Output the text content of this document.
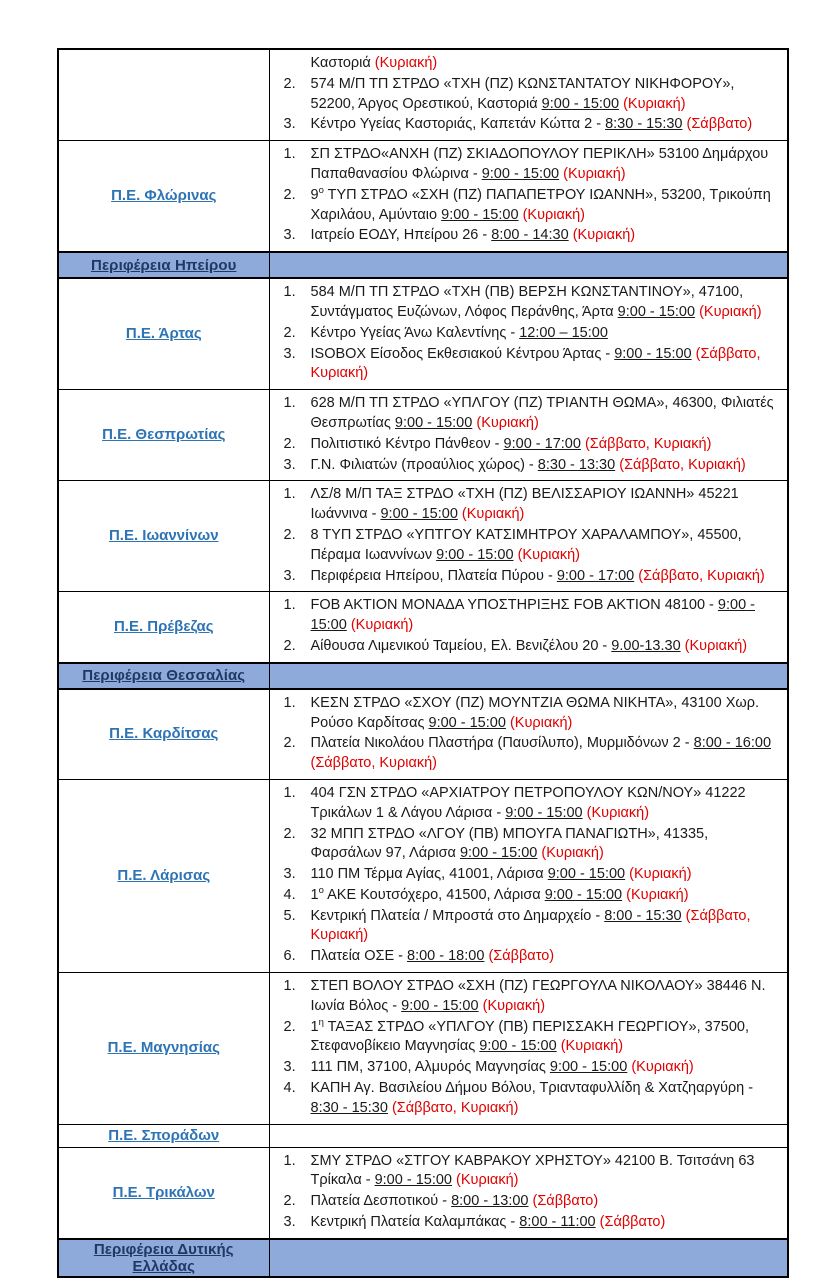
	Καστοριά (Κυριακή)
2. 574 Μ/Π ΤΠ ΣΤΡΔΟ «ΤΧΗ (ΠΖ) ΚΩΝΣΤΑΝΤΑΤΟΥ ΝΙΚΗΦΟΡΟΥ», 52200, Άργος Ορεστικού, Καστοριά 9:00 - 15:00 (Κυριακή)
3. Κέντρο Υγείας Καστοριάς, Καπετάν Κώττα 2 - 8:30 - 15:30 (Σάββατο)

Π.Ε. Φλώρινας	
1.	ΣΠ ΣΤΡΔΟ«ΑΝΧΗ (ΠΖ) ΣΚΙΑΔΟΠΟΥΛΟΥ ΠΕΡΙΚΛΗ» 53100 Δημάρχου Παπαθανασίου Φλώρινα - 9:00 - 15:00 (Κυριακή)
2.	$9^o$ ΤΥΠ ΣΤΡΔΟ «ΣΧΗ (ΠΖ) ΠΑΠΑΠΕΤΡΟΥ ΙΩΑΝΝΗ», 53200, Τρικούπη Χαριλάου, Αμύνταιο 9:00 - 15:00 (Κυριακή)
3.	Ιατρείο ΕΟΔΥ, Ηπείρου 26 - 8:00 - 14:30 (Κυριακή)

Περιφέρεια Ηπείρου	

Π.Ε. Άρτας	
1.	584 Μ/Π ΤΠ ΣΤΡΔΟ «ΤΧΗ (ΠΒ) ΒΕΡΣΗ ΚΩΝΣΤΑΝΤΙΝΟΥ», 47100, Συντάγματος Ευζώνων, Λόφος Περάνθης, Άρτα 9:00 - 15:00 (Κυριακή)
2.	Κέντρο Υγείας Άνω Καλεντίνης - 12:00 – 15:00
3.	ISOBOX Είσοδος Εκθεσιακού Κέντρου Άρτας - 9:00 - 15:00 (Σάββατο, Κυριακή)

Π.Ε. Θεσπρωτίας	
1.	628 Μ/Π ΤΠ ΣΤΡΔΟ «ΥΠΛΓΟΥ (ΠΖ) ΤΡΙΑΝΤΗ ΘΩΜΑ», 46300, Φιλιατές Θεσπρωτίας 9:00 - 15:00 (Κυριακή)
2.	Πολιτιστικό Κέντρο Πάνθεον - 9:00 - 17:00 (Σάββατο, Κυριακή)
3.	Γ.Ν. Φιλιατών (προαύλιος χώρος) - 8:30 - 13:30 (Σάββατο, Κυριακή)

Π.Ε. Ιωαννίνων	
1.	ΛΣ/8 Μ/Π ΤΑΞ ΣΤΡΔΟ «ΤΧΗ (ΠΖ) ΒΕΛΙΣΣΑΡΙΟΥ ΙΩΑΝΝΗ» 45221 Ιωάννινα - 9:00 - 15:00 (Κυριακή)
2.	8 ΤΥΠ ΣΤΡΔΟ «ΥΠΤΓΟΥ ΚΑΤΣΙΜΗΤΡΟΥ ΧΑΡΑΛΑΜΠΟΥ», 45500, Πέραμα Ιωαννίνων 9:00 - 15:00 (Κυριακή)
3.	Περιφέρεια Ηπείρου, Πλατεία Πύρου - 9:00 - 17:00 (Σάββατο, Κυριακή)

Π.Ε. Πρέβεζας	1. FOB AKTION ΜΟΝΑΔΑ ΥΠΟΣΤΗΡΙΞΗΣ FOB AKTION 48100 - 9:00 - 15:00 (Κυριακή)
2. Αίθουσα Λιμενικού Ταμείου, Ελ. Βενιζέλου 20 - 9.00-13.30 (Κυριακή)

Περιφέρεια Θεσσαλίας	

Π.Ε. Καρδίτσας	1. ΚΕΣΝ ΣΤΡΔΟ «ΣΧΟΥ (ΠΖ) ΜΟΥΝΤΖΙΑ ΘΩΜΑ ΝΙΚΗΤΑ», 43100 Χωρ. Ρούσο Καρδίτσας 9:00 - 15:00 (Κυριακή)
2. Πλατεία Νικολάου Πλαστήρα (Παυσίλυπο), Μυρμιδόνων 2 - 8:00 - 16:00 (Σάββατο, Κυριακή)

Π.Ε. Λάρισας	
1.	404 ΓΣΝ ΣΤΡΔΟ «ΑΡΧΙΑΤΡΟΥ ΠΕΤΡΟΠΟΥΛΟΥ ΚΩΝ/ΝΟΥ» 41222 Τρικάλων 1 & Λάγου Λάρισα - 9:00 - 15:00 (Κυριακή)
2.	32 ΜΠΠ ΣΤΡΔΟ «ΛΓΟΥ (ΠΒ) ΜΠΟΥΓΑ ΠΑΝΑΓΙΩΤΗ», 41335, Φαρσάλων 97, Λάρισα 9:00 - 15:00 (Κυριακή)
3.	110 ΠΜ Τέρμα Αγίας, 41001, Λάρισα 9:00 - 15:00 (Κυριακή)
4.	$1^o$ ΑΚΕ Κουτσόχερο, 41500, Λάρισα 9:00 - 15:00 (Κυριακή)
5.	Κεντρική Πλατεία / Μπροστά στο Δημαρχείο - 8:00 - 15:30 (Σάββατο, Κυριακή)
6.	Πλατεία ΟΣΕ - 8:00 - 18:00 (Σάββατο)

Π.Ε. Μαγνησίας	
1.	ΣΤΕΠ ΒΟΛΟΥ ΣΤΡΔΟ «ΣΧΗ (ΠΖ) ΓΕΩΡΓΟΥΛΑ ΝΙΚΟΛΑΟΥ» 38446 Ν. Ιωνία Βόλος - 9:00 - 15:00 (Κυριακή)
2.	$1^\eta$ ΤΑΞΑΣ ΣΤΡΔΟ «ΥΠΛΓΟΥ (ΠΒ) ΠΕΡΙΣΣΑΚΗ ΓΕΩΡΓΙΟΥ», 37500, Στεφανοβίκειο Μαγνησίας 9:00 - 15:00 (Κυριακή)
3.	111 ΠΜ, 37100, Αλμυρός Μαγνησίας 9:00 - 15:00 (Κυριακή)
4.	ΚΑΠΗ Αγ. Βασιλείου Δήμου Βόλου, Τριανταφυλλίδη & Χατζηαργύρη - 8:30 - 15:30 (Σάββατο, Κυριακή)

Π.Ε. Σποράδων	
Π.Ε. Τρικάλων	
1.	ΣΜΥ ΣΤΡΔΟ «ΣΤΓΟΥ ΚΑΒΡΑΚΟΥ ΧΡΗΣΤΟΥ» 42100 Β. Τσιτσάνη 63 Τρίκαλα - 9:00 - 15:00 (Κυριακή)
2.	Πλατεία Δεσποτικού - 8:00 - 13:00 (Σάββατο)
3.	Κεντρική Πλατεία Καλαμπάκας - 8:00 - 11:00 (Σάββατο)

Περιφέρεια Δυτικής Ελλάδας	
